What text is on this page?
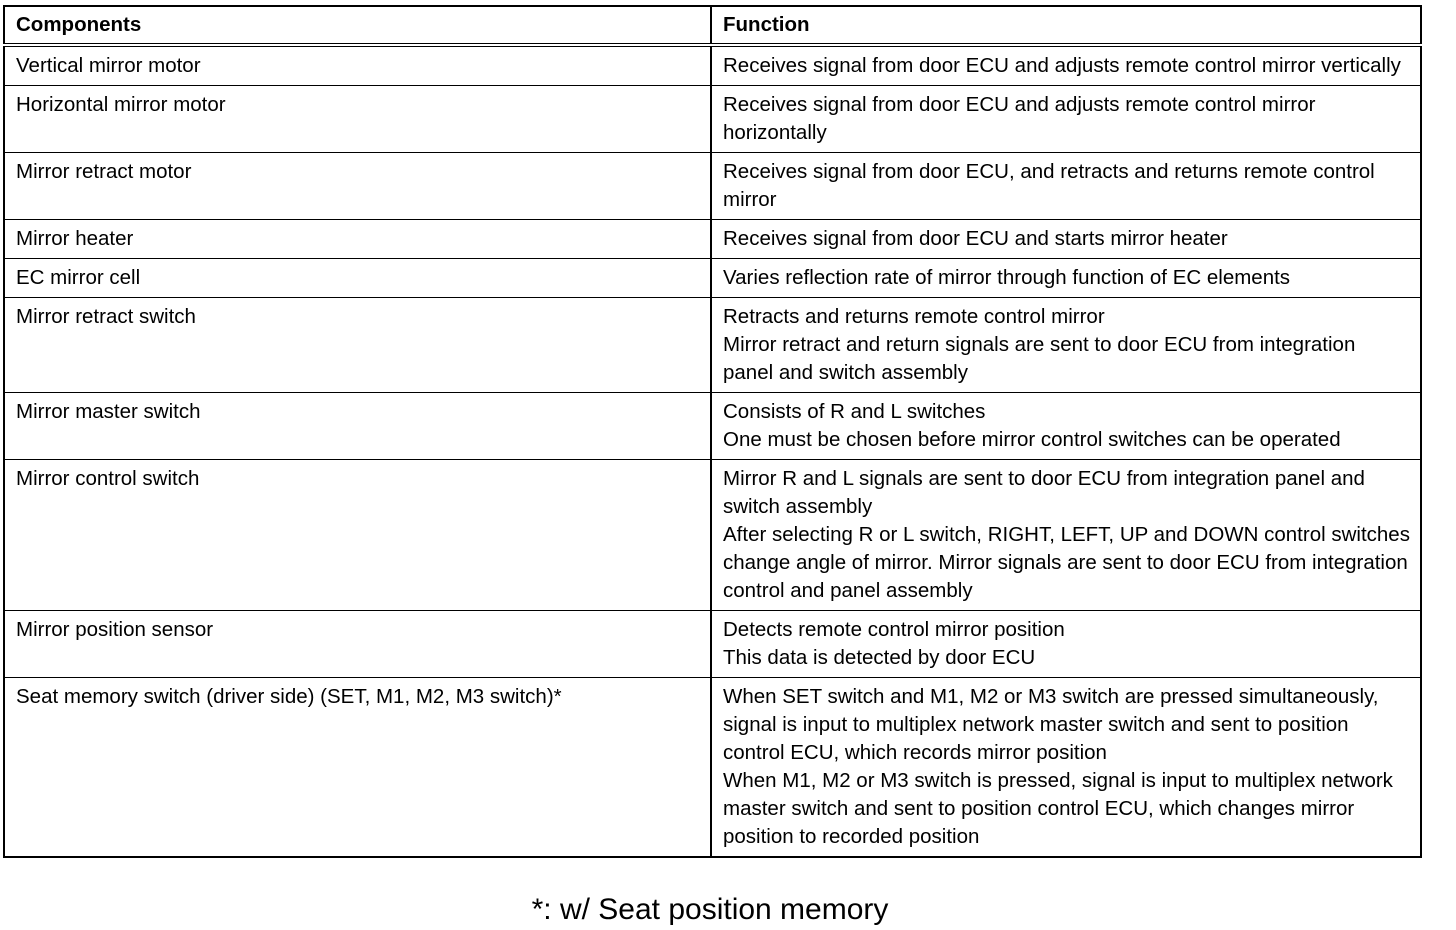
Components	Function
Vertical mirror motor	Receives signal from door ECU and adjusts remote control mirror vertically

Horizontal mirror motor	Receives signal from door ECU and adjusts remote control mirror horizontally

Mirror retract motor	Receives signal from door ECU, and retracts and returns remote control mirror

Mirror heater	Receives signal from door ECU and starts mirror heater

EC mirror cell	Varies reflection rate of mirror through function of EC elements

Mirror retract switch	Retracts and returns remote control mirror
Mirror retract and return signals are sent to door ECU from integration panel and switch assembly

Mirror master switch	Consists of R and L switches
One must be chosen before mirror control switches can be operated

Mirror control switch	Mirror R and L signals are sent to door ECU from integration panel and switch assembly
After selecting R or L switch, RIGHT, LEFT, UP and DOWN control switches change angle of mirror. Mirror signals are sent to door ECU from integration control and panel assembly

Mirror position sensor	Detects remote control mirror position
This data is detected by door ECU

Seat memory switch (driver side) (SET, M1, M2, M3 switch)*	When SET switch and M1, M2 or M3 switch are pressed simultaneously, signal is input to multiplex network master switch and sent to position control ECU, which records mirror position
When M1, M2 or M3 switch is pressed, signal is input to multiplex network master switch and sent to position control ECU, which changes mirror position to recorded position
*: w/ Seat position memory
